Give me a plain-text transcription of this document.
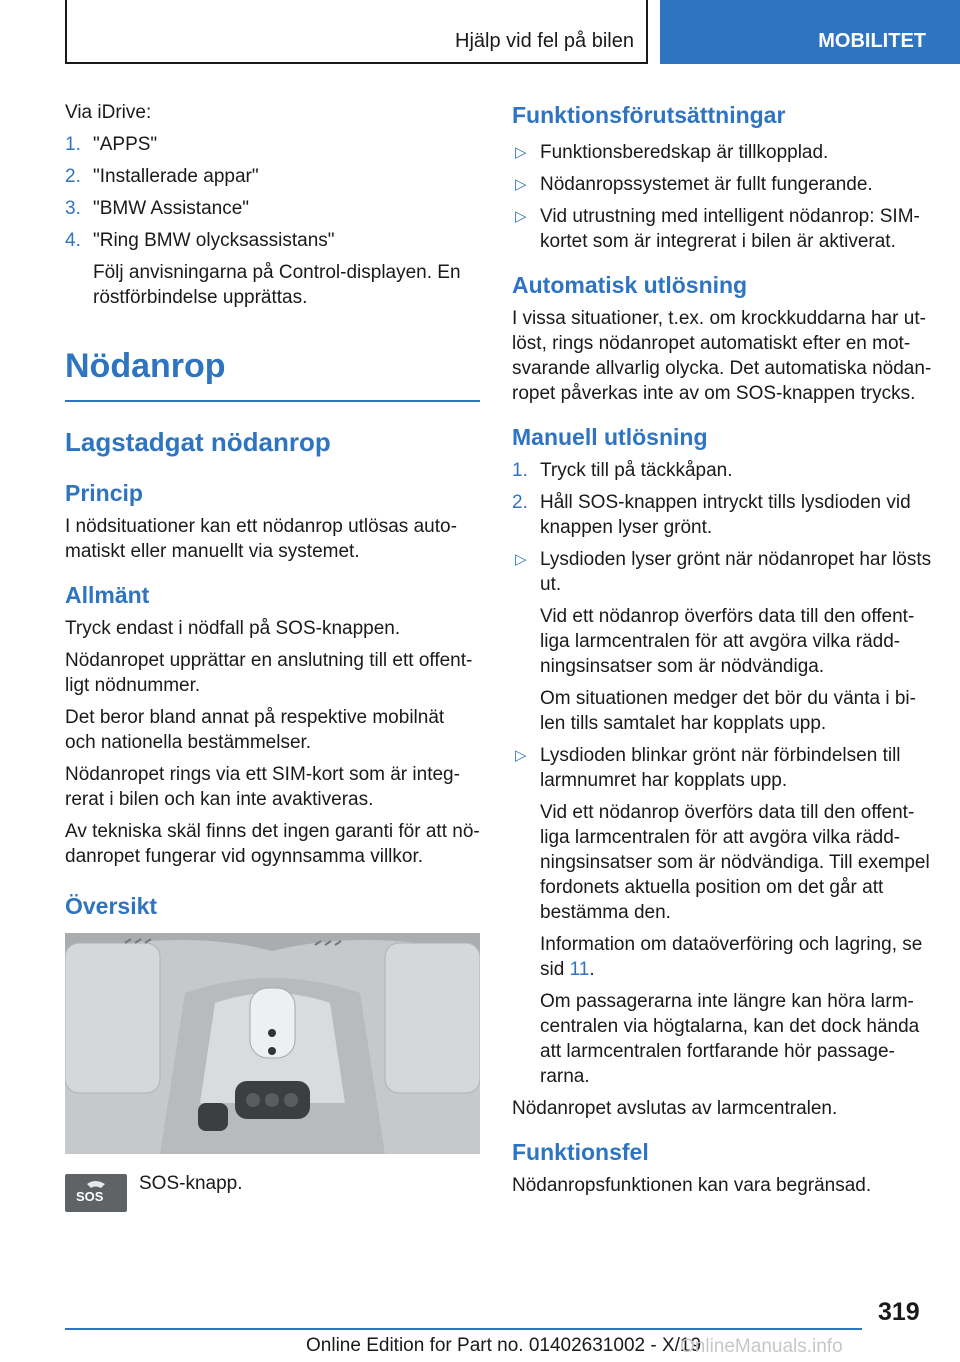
Hjälp vid fel på bilen	MOBILITET

Via iDrive:

1. "APPS"
2. "Installerade appar"
3. "BMW Assistance"
4. "Ring BMW olycksassistans"
Följ anvisningarna på Control-displayen. En röstförbindelse upprättas.
Nödanrop
Lagstadgat nödanrop
Princip

I nödsituationer kan ett nödanrop utlösas automatiskt eller manuellt via systemet.

Allmänt

Tryck endast i nödfall på SOS-knappen.

Nödanropet upprättar en anslutning till ett offentligt nödnummer.

Det beror bland annat på respektive mobilnät och nationella bestämmelser.

Nödanropet rings via ett SIM-kort som är integrerat i bilen och kan inte avaktiveras.

Av tekniska skäl finns det ingen garanti för att nödanropet fungerar vid ogynnsamma villkor.

Översikt
SOS
SOS-knapp.
Funktionsförutsättningar
▷ Funktionsberedskap är tillkopplad.
▷ Nödanropssystemet är fullt fungerande.
▷ Vid utrustning med intelligent nödanrop: SIM-kortet som är integrerat i bilen är aktiverat.
Automatisk utlösning

I vissa situationer, t.ex. om krockkuddarna har utlöst, rings nödanropet automatiskt efter en motsvarande allvarlig olycka. Det automatiska nödanropet påverkas inte av om SOS-knappen trycks.

Manuell utlösning
1. Tryck till på täckkåpan.
2. Håll SOS-knappen intryckt tills lysdioden vid knappen lyser grönt.
▷ Lysdioden lyser grönt när nödanropet har lösts ut.
Vid ett nödanrop överförs data till den offentliga larmcentralen för att avgöra vilka räddningsinsatser som är nödvändiga.
Om situationen medger det bör du vänta i bilen tills samtalet har kopplats upp.
▷ Lysdioden blinkar grönt när förbindelsen till larmnumret har kopplats upp.
Vid ett nödanrop överförs data till den offentliga larmcentralen för att avgöra vilka räddningsinsatser som är nödvändiga. Till exempel fordonets aktuella position om det går att bestämma den.
Information om dataöverföring och lagring, se sid 11.
Om passagerarna inte längre kan höra larmcentralen via högtalarna, kan det dock hända att larmcentralen fortfarande hör passagerarna.

Nödanropet avslutas av larmcentralen.

Funktionsfel

Nödanropsfunktionen kan vara begränsad.

319
Online Edition for Part no. 01402631002 - X/19
OnlineManuals.info
